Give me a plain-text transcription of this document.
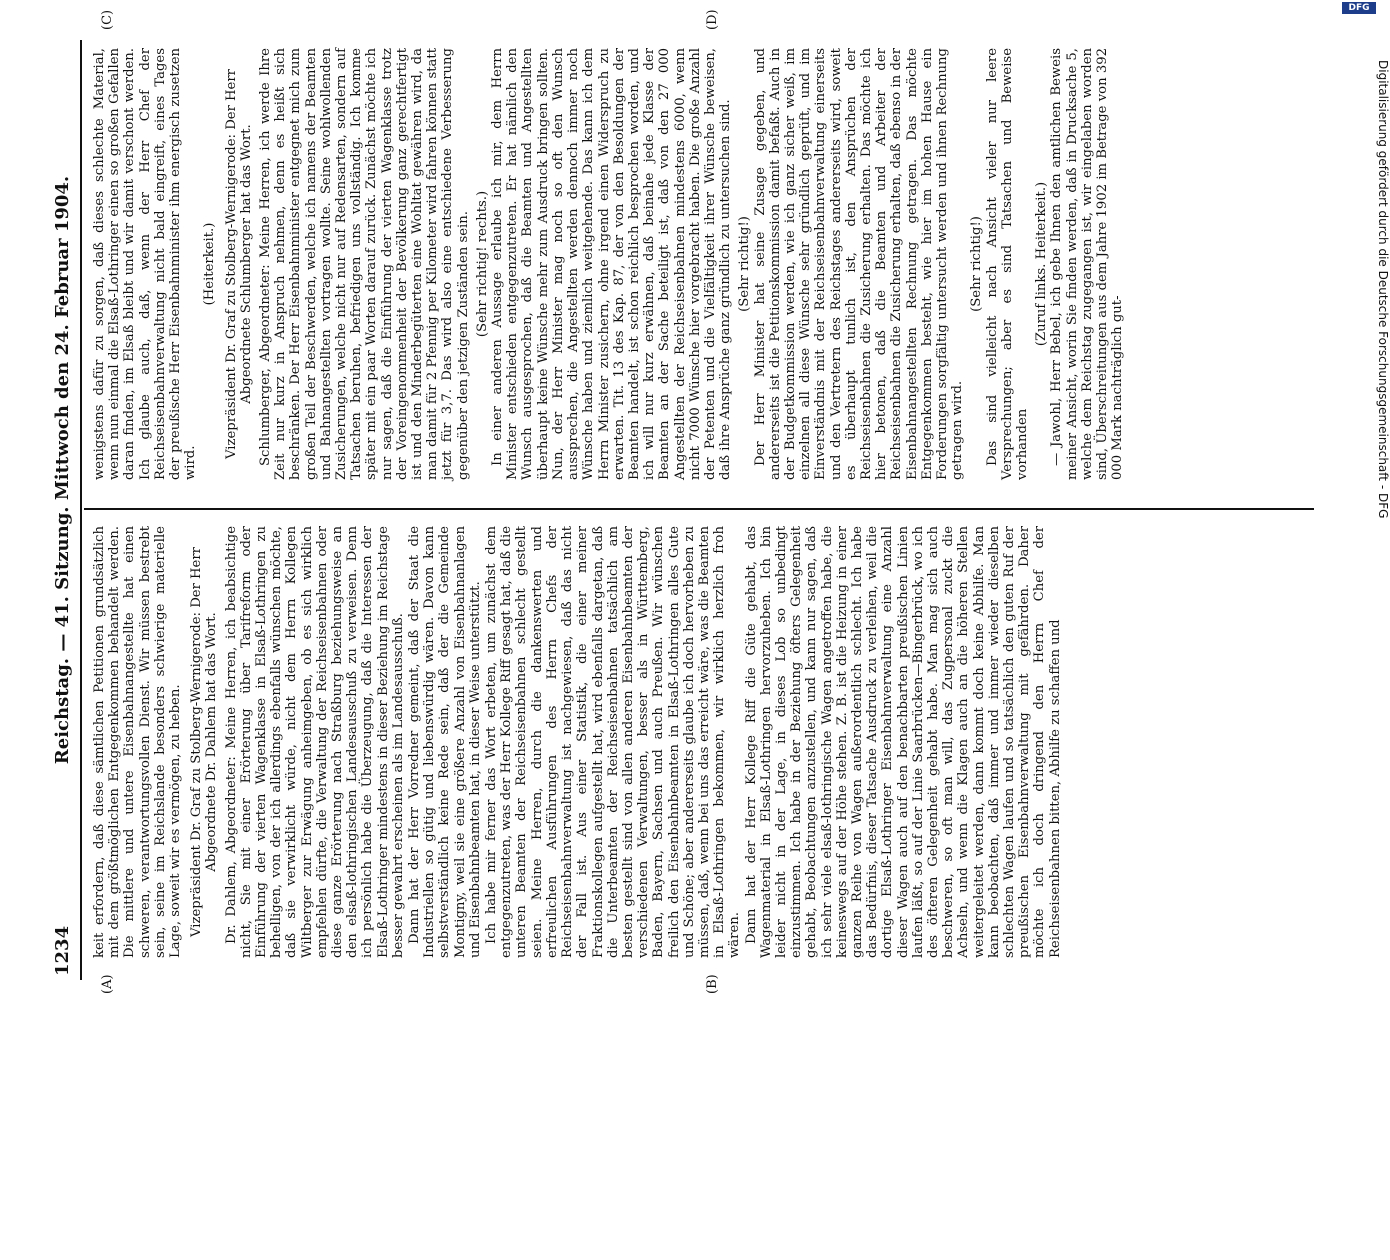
1234
Reichstag. — 41. Sitzung. Mittwoch den 24. Februar 1904.
(A)	(B)
(C)	(D)

keit erfordern, daß diese sämtlichen Petitionen grundsätzlich mit dem größtmöglichen Entgegenkommen behandelt werden. Die mittlere und untere Eisenbahnangestellte hat einen schweren, verantwortungsvollen Dienst. Wir müssen bestrebt sein, seine im Reichslande besonders schwierige materielle Lage, soweit wir es vermögen, zu heben. Vizepräsident Dr. Graf zu Stolberg-Wernigerode: Der Herr Abgeordnete Dr. Dahlem hat das Wort. Dr. Dahlem, Abgeordneter: Meine Herren, ich beabsichtige nicht, Sie mit einer Erörterung über Tarifreform oder Einführung der vierten Wagenklasse in Elsaß-Lothringen zu behelligen, von der ich allerdings ebenfalls wünschen möchte, daß sie verwirklicht würde, nicht dem Herrn Kollegen Wiltberger zur Erwägung anheimgeben, ob es sich wirklich empfehlen dürfte, die Verwaltung der Reichseisenbahnen oder diese ganze Erörterung nach Straßburg beziehungsweise an den elsaß-lothringischen Landesausschuß zu verweisen. Denn ich persönlich habe die Überzeugung, daß die Interessen der Elsaß-Lothringer mindestens in dieser Beziehung im Reichstage besser gewahrt erscheinen als im Landesausschuß. Dann hat der Herr Vorredner gemeint, daß der Staat die Industriellen so gütig und liebenswürdig wären. Davon kann selbstverständlich keine Rede sein, daß der die Gemeinde Montigny, weil sie eine größere Anzahl von Eisenbahnanlagen und Eisenbahnbeamten hat, in dieser Weise unterstützt. Ich habe mir ferner das Wort erbeten, um zunächst dem entgegenzutreten, was der Herr Kollege Riff gesagt hat, daß die unteren Beamten der Reichseisenbahnen schlecht gestellt seien. Meine Herren, durch die dankenswerten und erfreulichen Ausführungen des Herrn Chefs der Reichseisenbahnverwaltung ist nachgewiesen, daß das nicht der Fall ist. Aus einer Statistik, die einer meiner Fraktionskollegen aufgestellt hat, wird ebenfalls dargetan, daß die Unterbeamten der Reichseisenbahnen tatsächlich am besten gestellt sind von allen anderen Eisenbahnbeamten der verschiedenen Verwaltungen, besser als in Württemberg, Baden, Bayern, Sachsen und auch Preußen. Wir wünschen freilich den Eisenbahnbeamten in Elsaß-Lothringen alles Gute und Schöne; aber andererseits glaube ich doch hervorheben zu müssen, daß, wenn bei uns das erreicht wäre, was die Beamten in Elsaß-Lothringen bekommen, wir wirklich herzlich froh wären. Dann hat der Herr Kollege Riff die Güte gehabt, das Wagenmaterial in Elsaß-Lothringen hervorzuheben. Ich bin leider nicht in der Lage, in dieses Lob so unbedingt einzustimmen. Ich habe in der Beziehung öfters Gelegenheit gehabt, Beobachtungen anzustellen, und kann nur sagen, daß ich sehr viele elsaß-lothringische Wagen angetroffen habe, die keineswegs auf der Höhe stehen. Z. B. ist die Heizung in einer ganzen Reihe von Wagen außerordentlich schlecht. Ich habe das Bedürfnis, dieser Tatsache Ausdruck zu verleihen, weil die dortige Elsaß-Lothringer Eisenbahnverwaltung eine Anzahl dieser Wagen auch auf den benachbarten preußischen Linien laufen läßt, so auf der Linie Saarbrücken—Bingerbrück, wo ich des öfteren Gelegenheit gehabt habe. Man mag sich auch beschweren, so oft man will, das Zugpersonal zuckt die Achseln, und wenn die Klagen auch an die höheren Stellen weitergeleitet werden, dann kommt doch keine Abhilfe. Man kann beobachten, daß immer und immer wieder dieselben schlechten Wagen laufen und so tatsächlich den guten Ruf der preußischen Eisenbahnverwaltung mit gefährden. Daher möchte ich doch dringend den Herrn Chef der Reichseisenbahnen bitten, Abhilfe zu schaffen und

wenigstens dafür zu sorgen, daß dieses schlechte Material, wenn nun einmal die Elsaß-Lothringer einen so großen Gefallen daran finden, im Elsaß bleibt und wir damit verschont werden. Ich glaube auch, daß, wenn der Herr Chef der Reichseisenbahnverwaltung nicht bald eingreift, eines Tages der preußische Herr Eisenbahnminister ihm energisch zusetzen wird.

(Heiterkeit.) Vizepräsident Dr. Graf zu Stolberg-Wernigerode: Der Herr Abgeordnete Schlumberger hat das Wort. Schlumberger, Abgeordneter: Meine Herren, ich werde Ihre Zeit nur kurz in Anspruch nehmen, denn es heißt sich beschränken. Der Herr Eisenbahnminister entgegnet mich zum großen Teil der Beschwerden, welche ich namens der Beamten und Bahnangestellten vortragen wollte. Seine wohlwollenden Zusicherungen, welche nicht nur auf Redensarten, sondern auf Tatsachen beruhen, befriedigen uns vollständig. Ich komme später mit ein paar Worten darauf zurück. Zunächst möchte ich nur sagen, daß die Einführung der vierten Wagenklasse trotz der Voreingenommenheit der Bevölkerung ganz gerechtfertigt ist und den Minderbegüterten eine Wohltat gewähren wird, da man damit für 2 Pfennig per Kilometer wird fahren können statt jetzt für 3,7. Das wird also eine entschiedene Verbesserung gegenüber den jetzigen Zuständen sein. (Sehr richtig! rechts.) In einer anderen Aussage erlaube ich mir, dem Herrn Minister entschieden entgegenzutreten. Er hat nämlich den Wunsch ausgesprochen, daß die Beamten und Angestellten überhaupt keine Wünsche mehr zum Ausdruck bringen sollten. Nun, der Herr Minister mag noch so oft den Wunsch aussprechen, die Angestellten werden dennoch immer noch Wünsche haben und ziemlich weitgehende. Das kann ich dem Herrn Minister zusichern, ohne irgend einen Widerspruch zu erwarten. Tit. 13 des Kap. 87, der von den Besoldungen der Beamten handelt, ist schon reichlich besprochen worden, und ich will nur kurz erwähnen, daß beinahe jede Klasse der Beamten an der Sache beteiligt ist, daß von den 27 000 Angestellten der Reichseisenbahnen mindestens 6000, wenn nicht 7000 Wünsche hier vorgebracht haben. Die große Anzahl der Petenten und die Vielfältigkeit ihrer Wünsche beweisen, daß ihre Ansprüche ganz gründlich zu untersuchen sind. (Sehr richtig!) Der Herr Minister hat seine Zusage gegeben, und andererseits ist die Petitionskommission damit befaßt. Auch in der Budgetkommission werden, wie ich ganz sicher weiß, im einzelnen all diese Wünsche sehr gründlich geprüft, und im Einverständnis mit der Reichseisenbahnverwaltung einerseits und den Vertretern des Reichstages andererseits wird, soweit es überhaupt tunlich ist, den Ansprüchen der Reichseisenbahnen die Zusicherung erhalten. Das möchte ich hier betonen, daß die Beamten und Arbeiter der Reichseisenbahnen die Zusicherung erhalten, daß ebenso in der Eisenbahnangestellten Rechnung getragen. Das möchte Entgegenkommen besteht, wie hier im hohen Hause ein Forderungen sorgfältig untersucht werden und ihnen Rechnung getragen wird.

(Sehr richtig!) Das sind vielleicht nach Ansicht vieler nur leere Versprechungen; aber es sind Tatsachen und Beweise vorhanden

(Zuruf links. Heiterkeit.) — Jawohl, Herr Bebel, ich gebe Ihnen den amtlichen Beweis meiner Ansicht, worin Sie finden werden, daß in Drucksache 5, welche dem Reichstag zugegangen ist, wir eingelaben worden sind, Überschreitungen aus dem Jahre 1902 im Betrage von 392 000 Mark nachträglich gut-

DFG
Digitalisierung gefördert durch die Deutsche Forschungsgemeinschaft - DFG
